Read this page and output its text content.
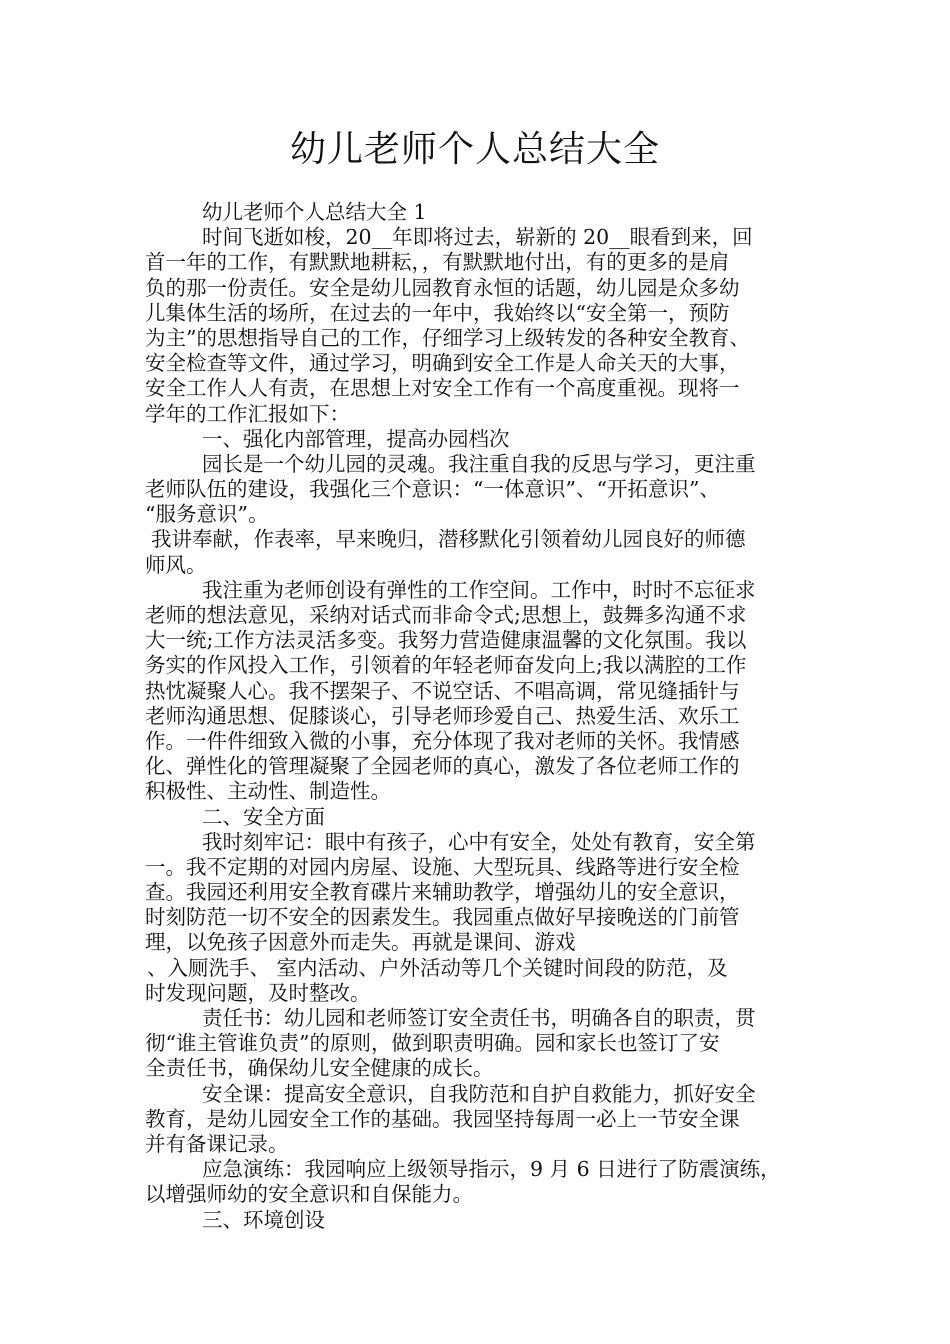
幼儿老师个人总结大全
幼儿老师个人总结大全 1
时间飞逝如梭，20__年即将过去，崭新的 20__眼看到来，回
首一年的工作，有默默地耕耘，，有默默地付出，有的更多的是肩
负的那一份责任。安全是幼儿园教育永恒的话题，幼儿园是众多幼
儿集体生活的场所，在过去的一年中，我始终以“安全第一，预防
为主”的思想指导自己的工作，仔细学习上级转发的各种安全教育、
安全检查等文件，通过学习，明确到安全工作是人命关天的大事，
安全工作人人有责，在思想上对安全工作有一个高度重视。现将一
学年的工作汇报如下：
一、强化内部管理，提高办园档次
园长是一个幼儿园的灵魂。我注重自我的反思与学习，更注重
老师队伍的建设，我强化三个意识：“一体意识”、“开拓意识”、
“服务意识”。
我讲奉献，作表率，早来晚归，潜移默化引领着幼儿园良好的师德
师风。
我注重为老师创设有弹性的工作空间。工作中，时时不忘征求
老师的想法意见，采纳对话式而非命令式;思想上，鼓舞多沟通不求
大一统;工作方法灵活多变。我努力营造健康温馨的文化氛围。我以
务实的作风投入工作，引领着的年轻老师奋发向上;我以满腔的工作
热忱凝聚人心。我不摆架子、不说空话、不唱高调，常见缝插针与
老师沟通思想、促膝谈心，引导老师珍爱自己、热爱生活、欢乐工
作。一件件细致入微的小事，充分体现了我对老师的关怀。我情感
化、弹性化的管理凝聚了全园老师的真心，激发了各位老师工作的
积极性、主动性、制造性。
二、安全方面
我时刻牢记：眼中有孩子，心中有安全，处处有教育，安全第
一。我不定期的对园内房屋、设施、大型玩具、线路等进行安全检
查。我园还利用安全教育碟片来辅助教学，增强幼儿的安全意识，
时刻防范一切不安全的因素发生。我园重点做好早接晚送的门前管
理，以免孩子因意外而走失。再就是课间、游戏
、入厕洗手、 室内活动、户外活动等几个关键时间段的防范，及
时发现问题，及时整改。
责任书：幼儿园和老师签订安全责任书，明确各自的职责，贯
彻“谁主管谁负责”的原则，做到职责明确。园和家长也签订了安
全责任书，确保幼儿安全健康的成长。
安全课：提高安全意识，自我防范和自护自救能力，抓好安全
教育，是幼儿园安全工作的基础。我园坚持每周一必上一节安全课
并有备课记录。
应急演练：我园响应上级领导指示，9 月 6 日进行了防震演练，
以增强师幼的安全意识和自保能力。
三、环境创设
